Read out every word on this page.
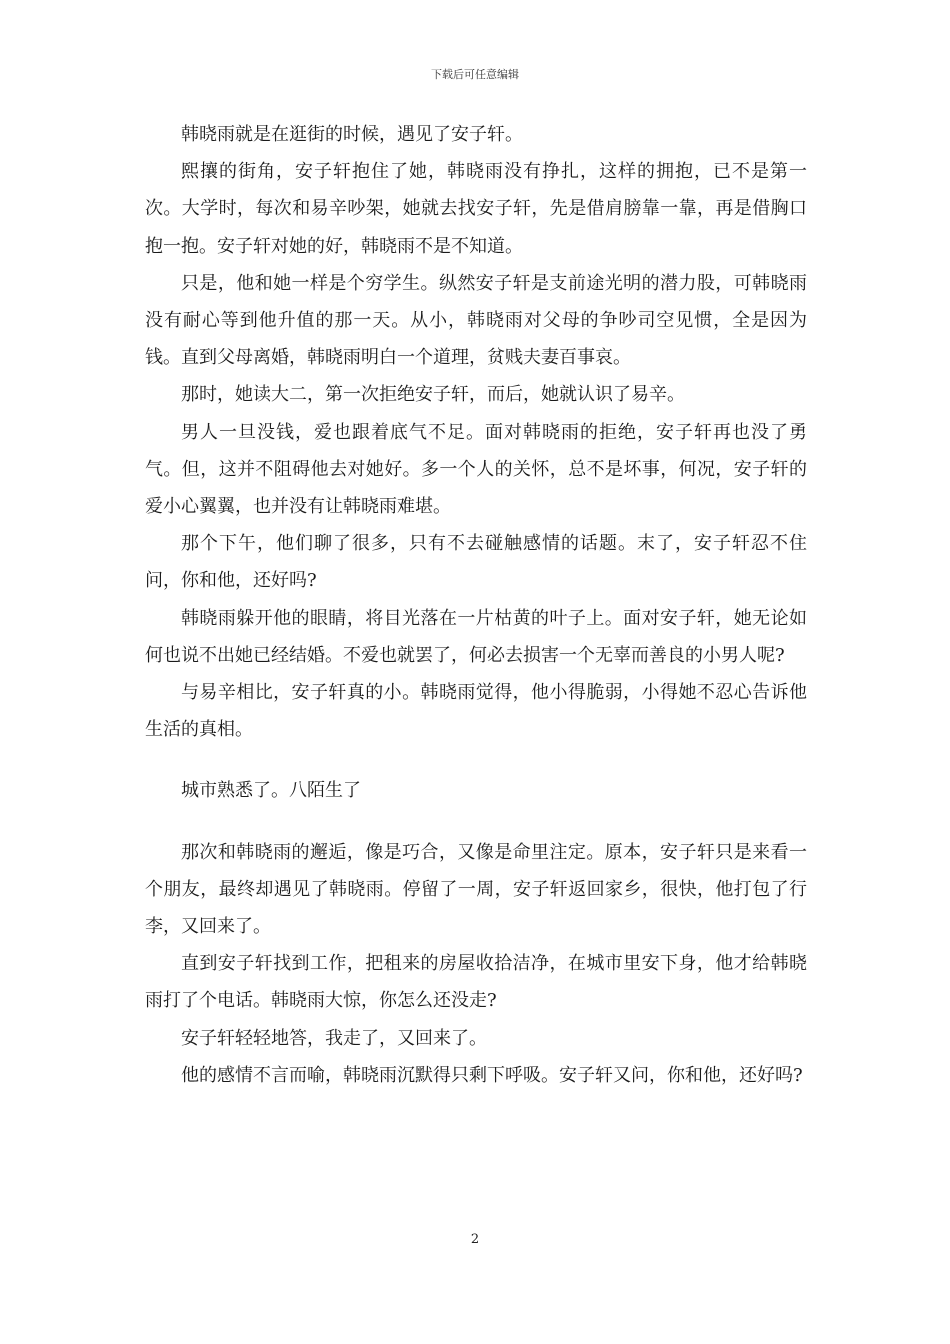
下载后可任意编辑

韩晓雨就是在逛街的时候，遇见了安子轩。

熙攘的街角，安子轩抱住了她，韩晓雨没有挣扎，这样的拥抱，已不是第一次。大学时，每次和易辛吵架，她就去找安子轩，先是借肩膀靠一靠，再是借胸口抱一抱。安子轩对她的好，韩晓雨不是不知道。

只是，他和她一样是个穷学生。纵然安子轩是支前途光明的潜力股，可韩晓雨没有耐心等到他升值的那一天。从小，韩晓雨对父母的争吵司空见惯，全是因为钱。直到父母离婚，韩晓雨明白一个道理，贫贱夫妻百事哀。

那时，她读大二，第一次拒绝安子轩，而后，她就认识了易辛。

男人一旦没钱，爱也跟着底气不足。面对韩晓雨的拒绝，安子轩再也没了勇气。但，这并不阻碍他去对她好。多一个人的关怀，总不是坏事，何况，安子轩的爱小心翼翼，也并没有让韩晓雨难堪。

那个下午，他们聊了很多，只有不去碰触感情的话题。末了，安子轩忍不住问，你和他，还好吗?

韩晓雨躲开他的眼睛，将目光落在一片枯黄的叶子上。面对安子轩，她无论如何也说不出她已经结婚。不爱也就罢了，何必去损害一个无辜而善良的小男人呢?

与易辛相比，安子轩真的小。韩晓雨觉得，他小得脆弱，小得她不忍心告诉他生活的真相。

城市熟悉了。八陌生了

那次和韩晓雨的邂逅，像是巧合，又像是命里注定。原本，安子轩只是来看一个朋友，最终却遇见了韩晓雨。停留了一周，安子轩返回家乡，很快，他打包了行李，又回来了。

直到安子轩找到工作，把租来的房屋收拾洁净，在城市里安下身，他才给韩晓雨打了个电话。韩晓雨大惊，你怎么还没走?

安子轩轻轻地答，我走了，又回来了。

他的感情不言而喻，韩晓雨沉默得只剩下呼吸。安子轩又问，你和他，还好吗?

2
